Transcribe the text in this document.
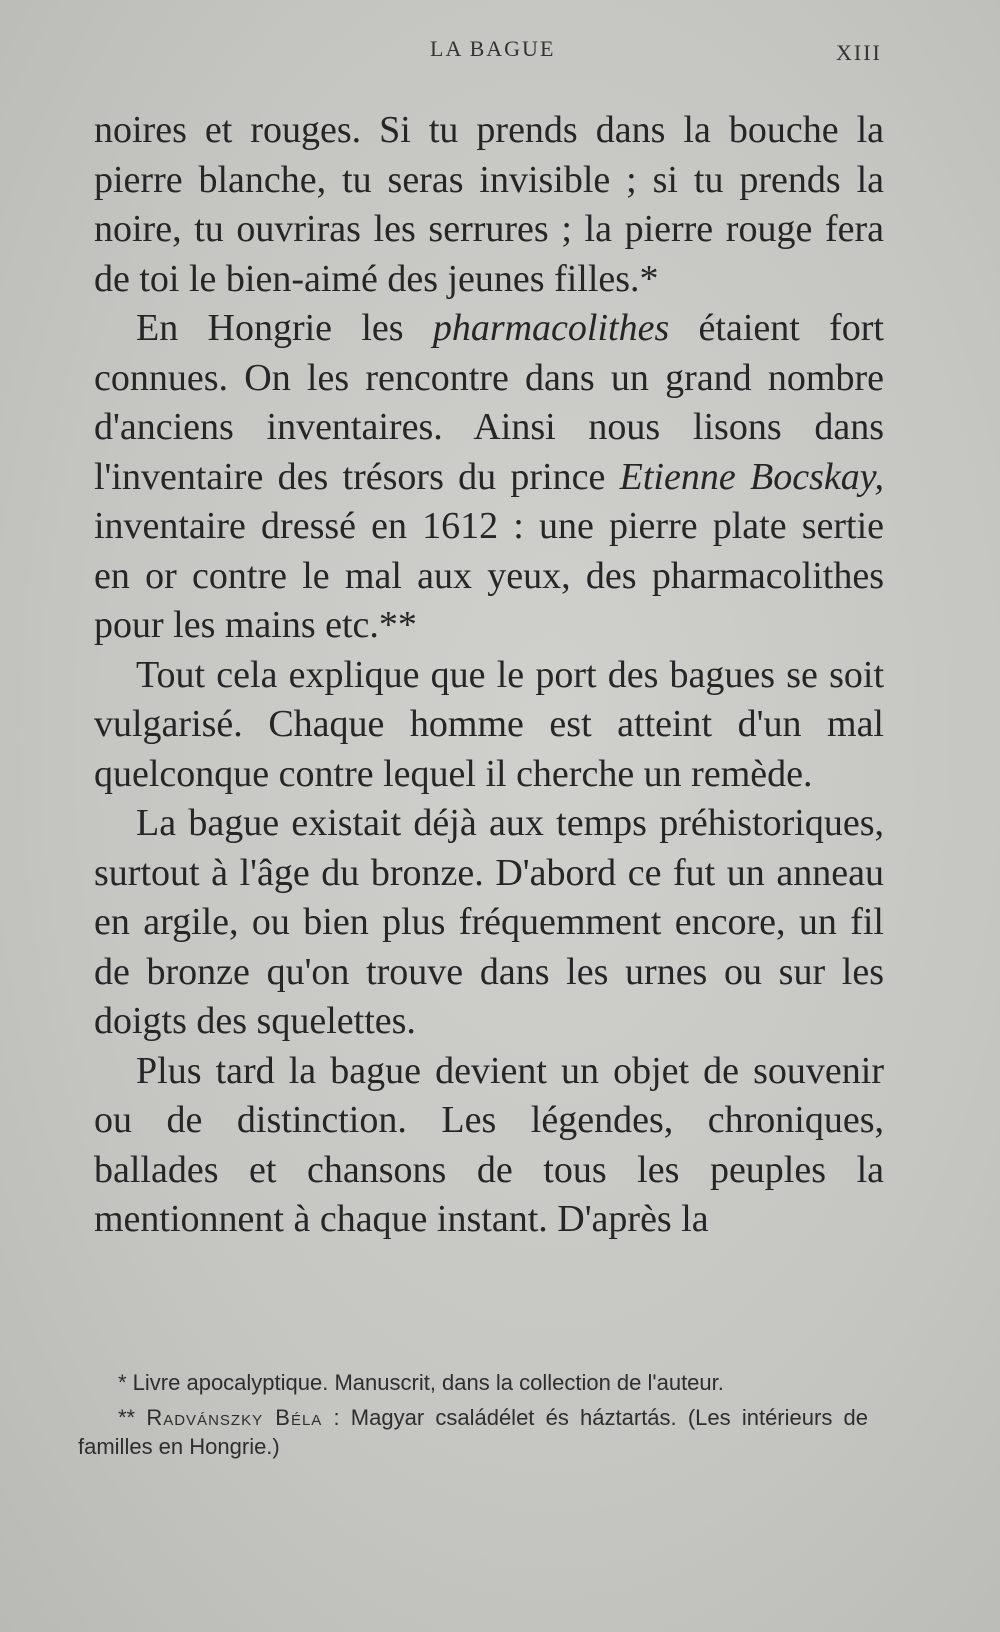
LA BAGUE	XIII

noires et rouges. Si tu prends dans la bouche la pierre blanche, tu seras invisible ; si tu prends la noire, tu ouvriras les serrures ; la pierre rouge fera de toi le bien-aimé des jeunes filles.*

En Hongrie les pharmacolithes étaient fort connues. On les rencontre dans un grand nombre d'anciens inventaires. Ainsi nous lisons dans l'inventaire des trésors du prince Etienne Bocskay, inventaire dressé en 1612 : une pierre plate sertie en or contre le mal aux yeux, des pharmacolithes pour les mains etc.**

Tout cela explique que le port des bagues se soit vulgarisé. Chaque homme est atteint d'un mal quelconque contre lequel il cherche un remède.

La bague existait déjà aux temps préhistoriques, surtout à l'âge du bronze. D'abord ce fut un anneau en argile, ou bien plus fréquemment encore, un fil de bronze qu'on trouve dans les urnes ou sur les doigts des squelettes.

Plus tard la bague devient un objet de souvenir ou de distinction. Les légendes, chroniques, ballades et chansons de tous les peuples la mentionnent à chaque instant. D'après la

* Livre apocalyptique. Manuscrit, dans la collection de l'auteur.

** Radvánszky Béla : Magyar családélet és háztartás. (Les intérieurs de familles en Hongrie.)
